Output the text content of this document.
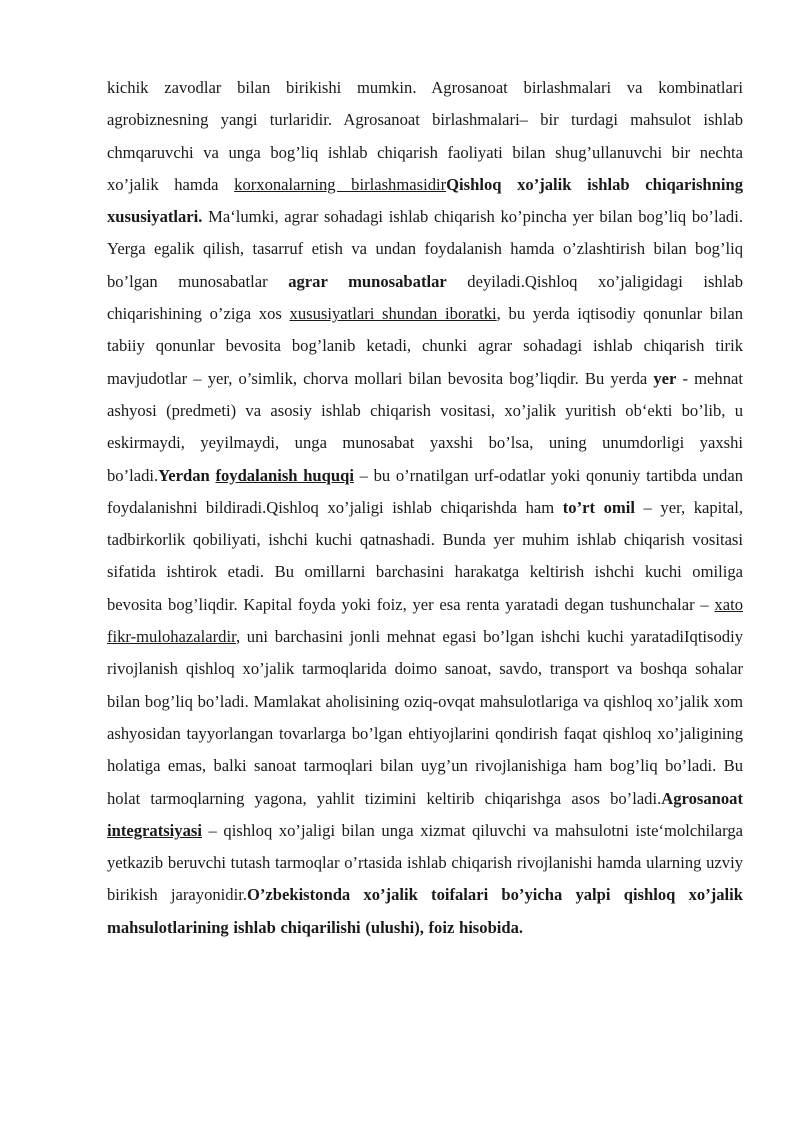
kichik zavodlar bilan birikishi mumkin. Agrosanoat birlashmalari va kombinatlari agrobiznesning yangi turlaridir. Agrosanoat birlashmalari– bir turdagi mahsulot ishlab chmqaruvchi va unga bog’liq ishlab chiqarish faoliyati bilan shug’ullanuvchi bir nechta xo’jalik hamda korxonalarning birlashmasidirQishloq xo’jalik ishlab chiqarishning xususiyatlari. Ma‘lumki, agrar sohadagi ishlab chiqarish ko’pincha yer bilan bog’liq bo’ladi. Yerga egalik qilish, tasarruf etish va undan foydalanish hamda o’zlashtirish bilan bog’liq bo’lgan munosabatlar agrar munosabatlar deyiladi.Qishloq xo’jaligidagi ishlab chiqarishining o’ziga xos xususiyatlari shundan iboratki, bu yerda iqtisodiy qonunlar bilan tabiiy qonunlar bevosita bog’lanib ketadi, chunki agrar sohadagi ishlab chiqarish tirik mavjudotlar – yer, o’simlik, chorva mollari bilan bevosita bog’liqdir. Bu yerda yer - mehnat ashyosi (predmeti) va asosiy ishlab chiqarish vositasi, xo’jalik yuritish ob‘ekti bo’lib, u eskirmaydi, yeyilmaydi, unga munosabat yaxshi bo’lsa, uning unumdorligi yaxshi bo’ladi.Yerdan foydalanish huquqi – bu o’rnatilgan urf-odatlar yoki qonuniy tartibda undan foydalanishni bildiradi.Qishloq xo’jaligi ishlab chiqarishda ham to’rt omil – yer, kapital, tadbirkorlik qobiliyati, ishchi kuchi qatnashadi. Bunda yer muhim ishlab chiqarish vositasi sifatida ishtirok etadi. Bu omillarni barchasini harakatga keltirish ishchi kuchi omiliga bevosita bog’liqdir. Kapital foyda yoki foiz, yer esa renta yaratadi degan tushunchalar – xato fikr-mulohazalardir, uni barchasini jonli mehnat egasi bo’lgan ishchi kuchi yaratadiIqtisodiy rivojlanish qishloq xo’jalik tarmoqlarida doimo sanoat, savdo, transport va boshqa sohalar bilan bog’liq bo’ladi. Mamlakat aholisining oziq-ovqat mahsulotlariga va qishloq xo’jalik xom ashyosidan tayyorlangan tovarlarga bo’lgan ehtiyojlarini qondirish faqat qishloq xo’jaligining holatiga emas, balki sanoat tarmoqlari bilan uyg’un rivojlanishiga ham bog’liq bo’ladi. Bu holat tarmoqlarning yagona, yahlit tizimini keltirib chiqarishga asos bo’ladi.Agrosanoat integratsiyasi – qishloq xo’jaligi bilan unga xizmat qiluvchi va mahsulotni iste‘molchilarga yetkazib beruvchi tutash tarmoqlar o’rtasida ishlab chiqarish rivojlanishi hamda ularning uzviy birikish jarayonidir.O’zbekistonda xo’jalik toifalari bo’yicha yalpi qishloq xo’jalik mahsulotlarining ishlab chiqarilishi (ulushi), foiz hisobida.
